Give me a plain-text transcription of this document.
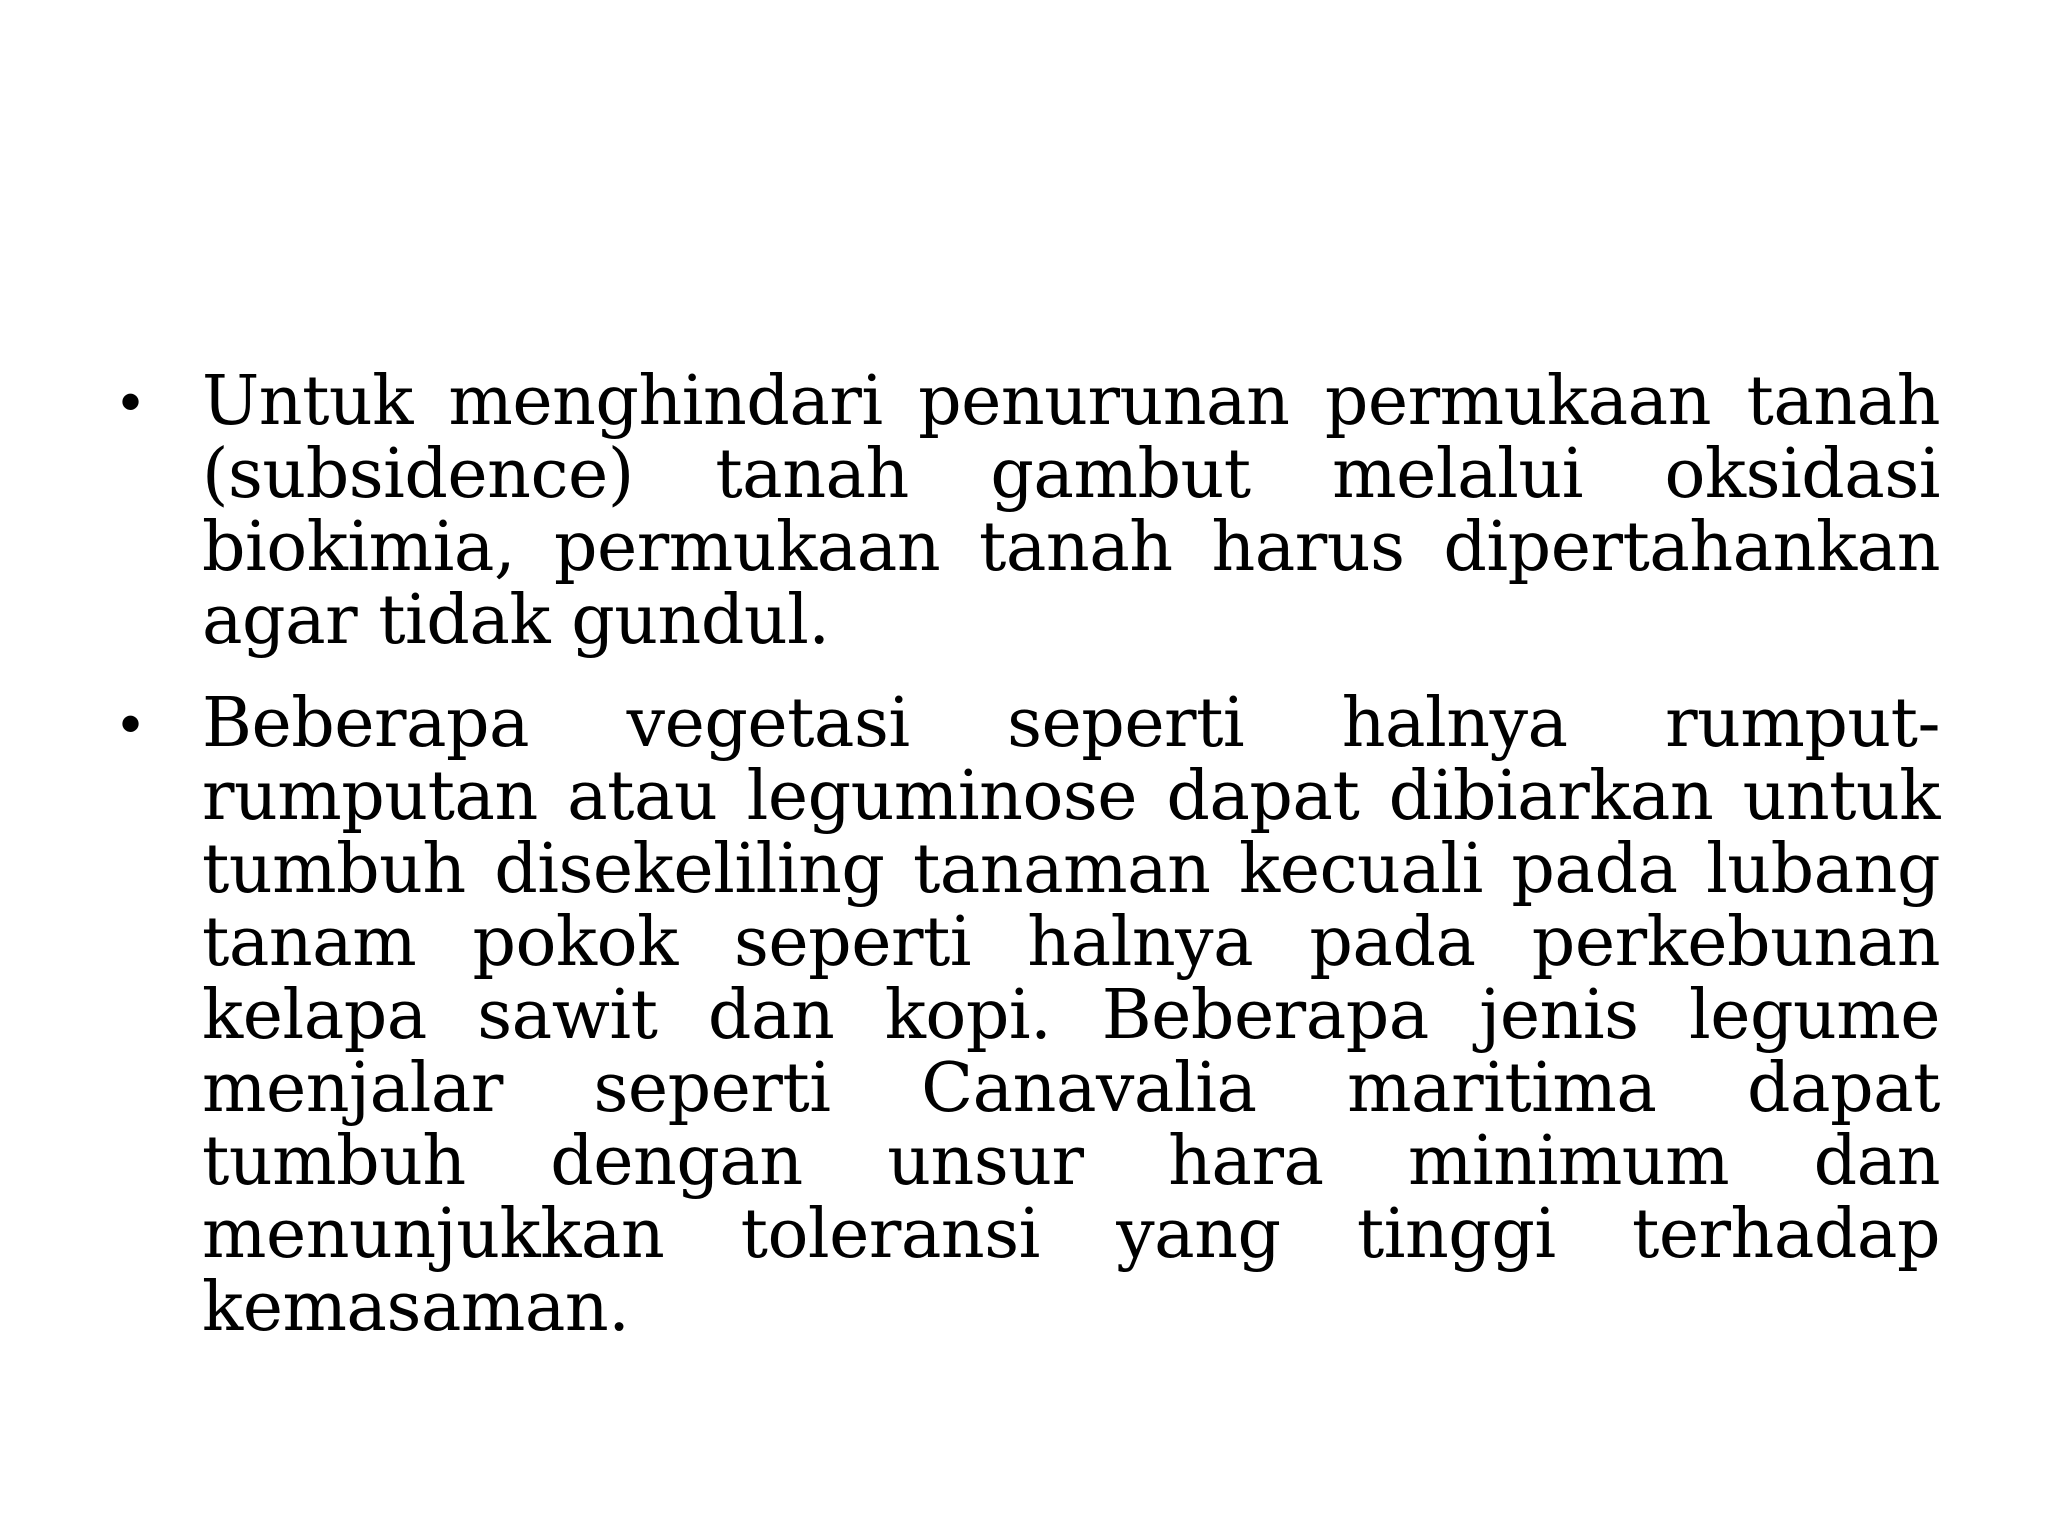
• Untuk menghindari penurunan permukaan tanah (subsidence) tanah gambut melalui oksidasi biokimia, permukaan tanah harus dipertahankan agar tidak gundul.
• Beberapa vegetasi seperti halnya rumput-rumputan atau leguminose dapat dibiarkan untuk tumbuh disekeliling tanaman kecuali pada lubang tanam pokok seperti halnya pada perkebunan kelapa sawit dan kopi. Beberapa jenis legume menjalar seperti Canavalia maritima dapat tumbuh dengan unsur hara minimum dan menunjukkan toleransi yang tinggi terhadap kemasaman.
